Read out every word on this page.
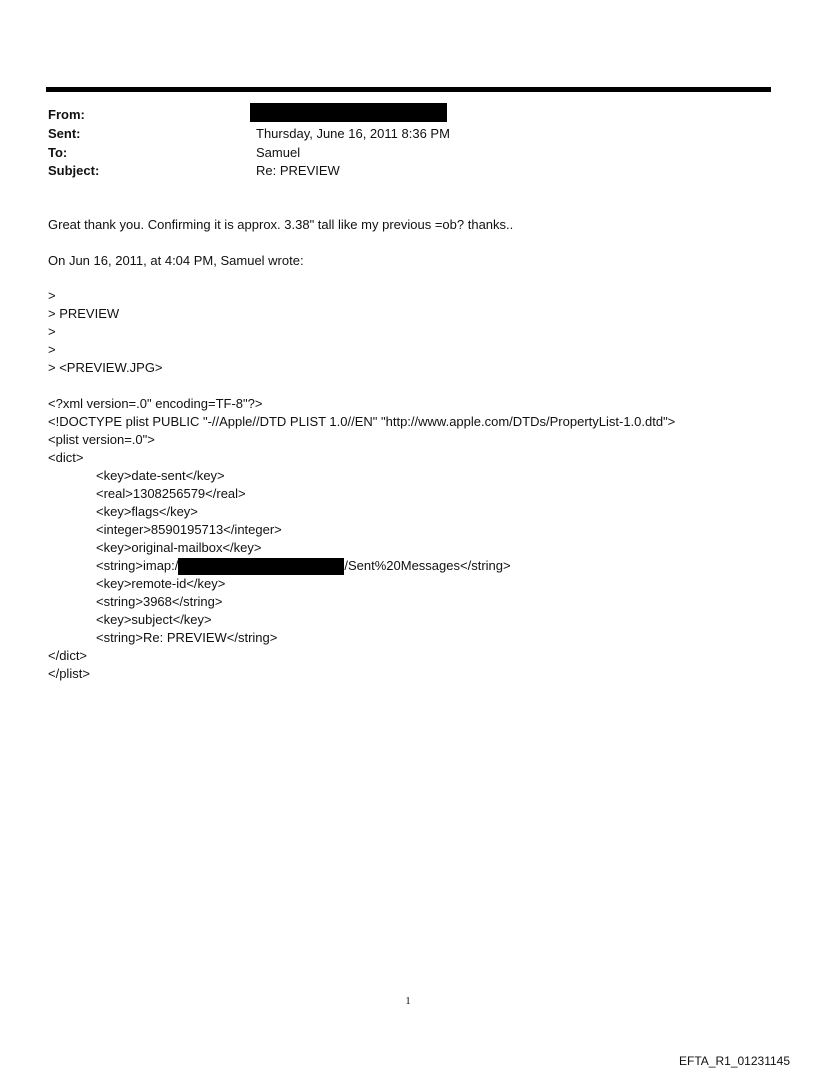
From:
Sent:	Thursday, June 16, 2011 8:36 PM
To:	Samuel
Subject:	Re: PREVIEW
Great thank you. Confirming it is approx. 3.38" tall like my previous =ob? thanks..
On Jun 16, 2011, at 4:04 PM, Samuel wrote:
>
> PREVIEW
>
>
> <PREVIEW.JPG>
<?xml version=.0" encoding=TF-8"?>
<!DOCTYPE plist PUBLIC "-//Apple//DTD PLIST 1.0//EN" "http://www.apple.com/DTDs/PropertyList-1.0.dtd">
<plist version=.0">
<dict>
<key>date-sent</key>
<real>1308256579</real>
<key>flags</key>
<integer>8590195713</integer>
<key>original-mailbox</key>
<string>imap:/	/Sent%20Messages</string>
<key>remote-id</key>
<string>3968</string>
<key>subject</key>
<string>Re: PREVIEW</string>
</dict>
</plist>
1
EFTA_R1_01231145
